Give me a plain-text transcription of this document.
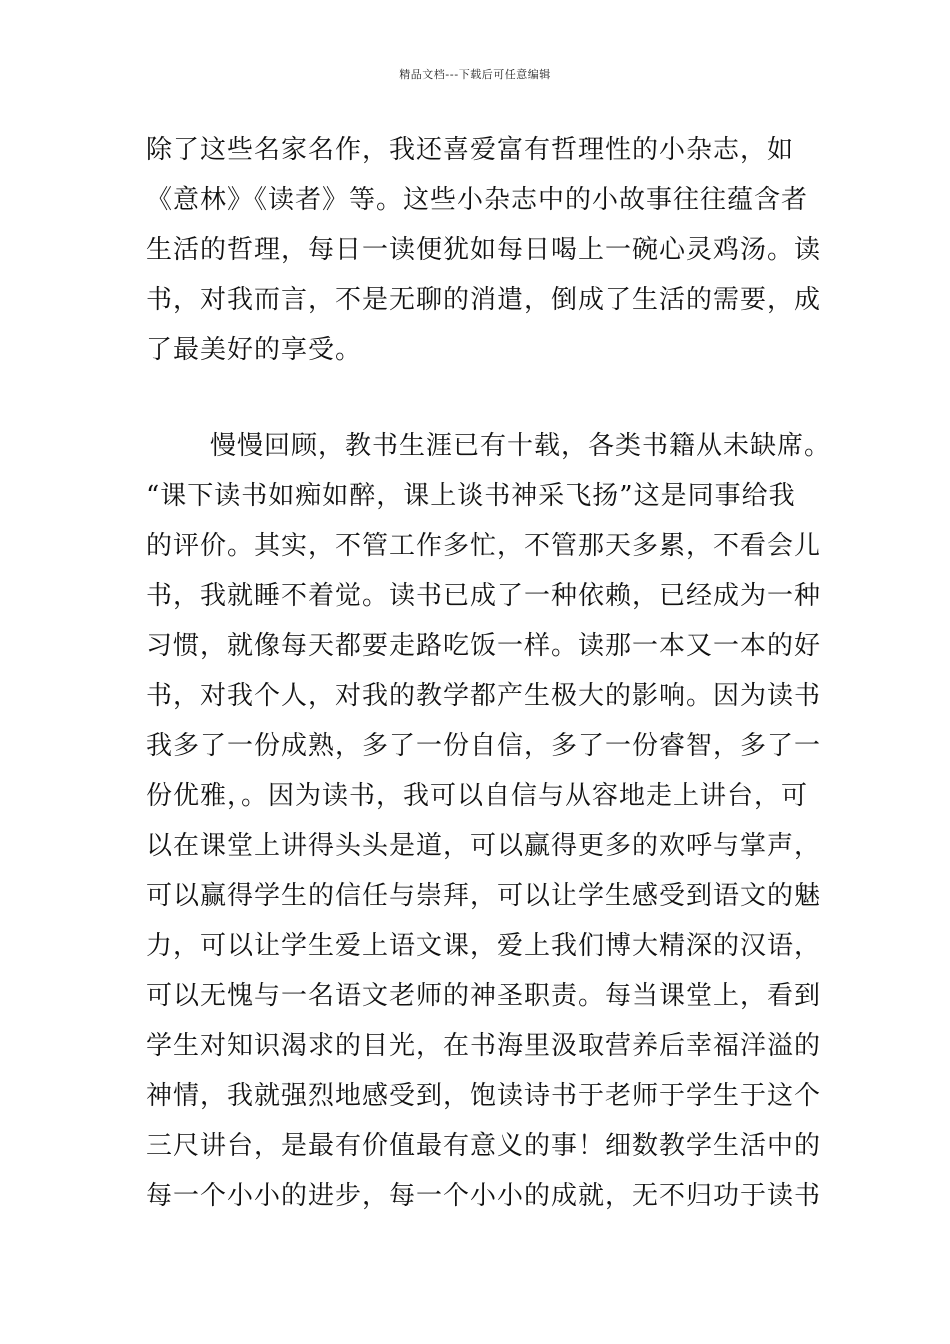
精品文档---下载后可任意编辑
除了这些名家名作，我还喜爱富有哲理性的小杂志，如
《意林》《读者》等。这些小杂志中的小故事往往蕴含者
生活的哲理，每日一读便犹如每日喝上一碗心灵鸡汤。读
书，对我而言，不是无聊的消遣，倒成了生活的需要，成
了最美好的享受。
慢慢回顾，教书生涯已有十载，各类书籍从未缺席。
“课下读书如痴如醉，课上谈书神采飞扬”这是同事给我
的评价。其实，不管工作多忙，不管那天多累，不看会儿
书，我就睡不着觉。读书已成了一种依赖，已经成为一种
习惯，就像每天都要走路吃饭一样。读那一本又一本的好
书，对我个人，对我的教学都产生极大的影响。因为读书
我多了一份成熟，多了一份自信，多了一份睿智，多了一
份优雅，。因为读书，我可以自信与从容地走上讲台，可
以在课堂上讲得头头是道，可以赢得更多的欢呼与掌声，
可以赢得学生的信任与崇拜，可以让学生感受到语文的魅
力，可以让学生爱上语文课，爱上我们博大精深的汉语，
可以无愧与一名语文老师的神圣职责。每当课堂上，看到
学生对知识渴求的目光，在书海里汲取营养后幸福洋溢的
神情，我就强烈地感受到，饱读诗书于老师于学生于这个
三尺讲台，是最有价值最有意义的事！细数教学生活中的
每一个小小的进步，每一个小小的成就，无不归功于读书
